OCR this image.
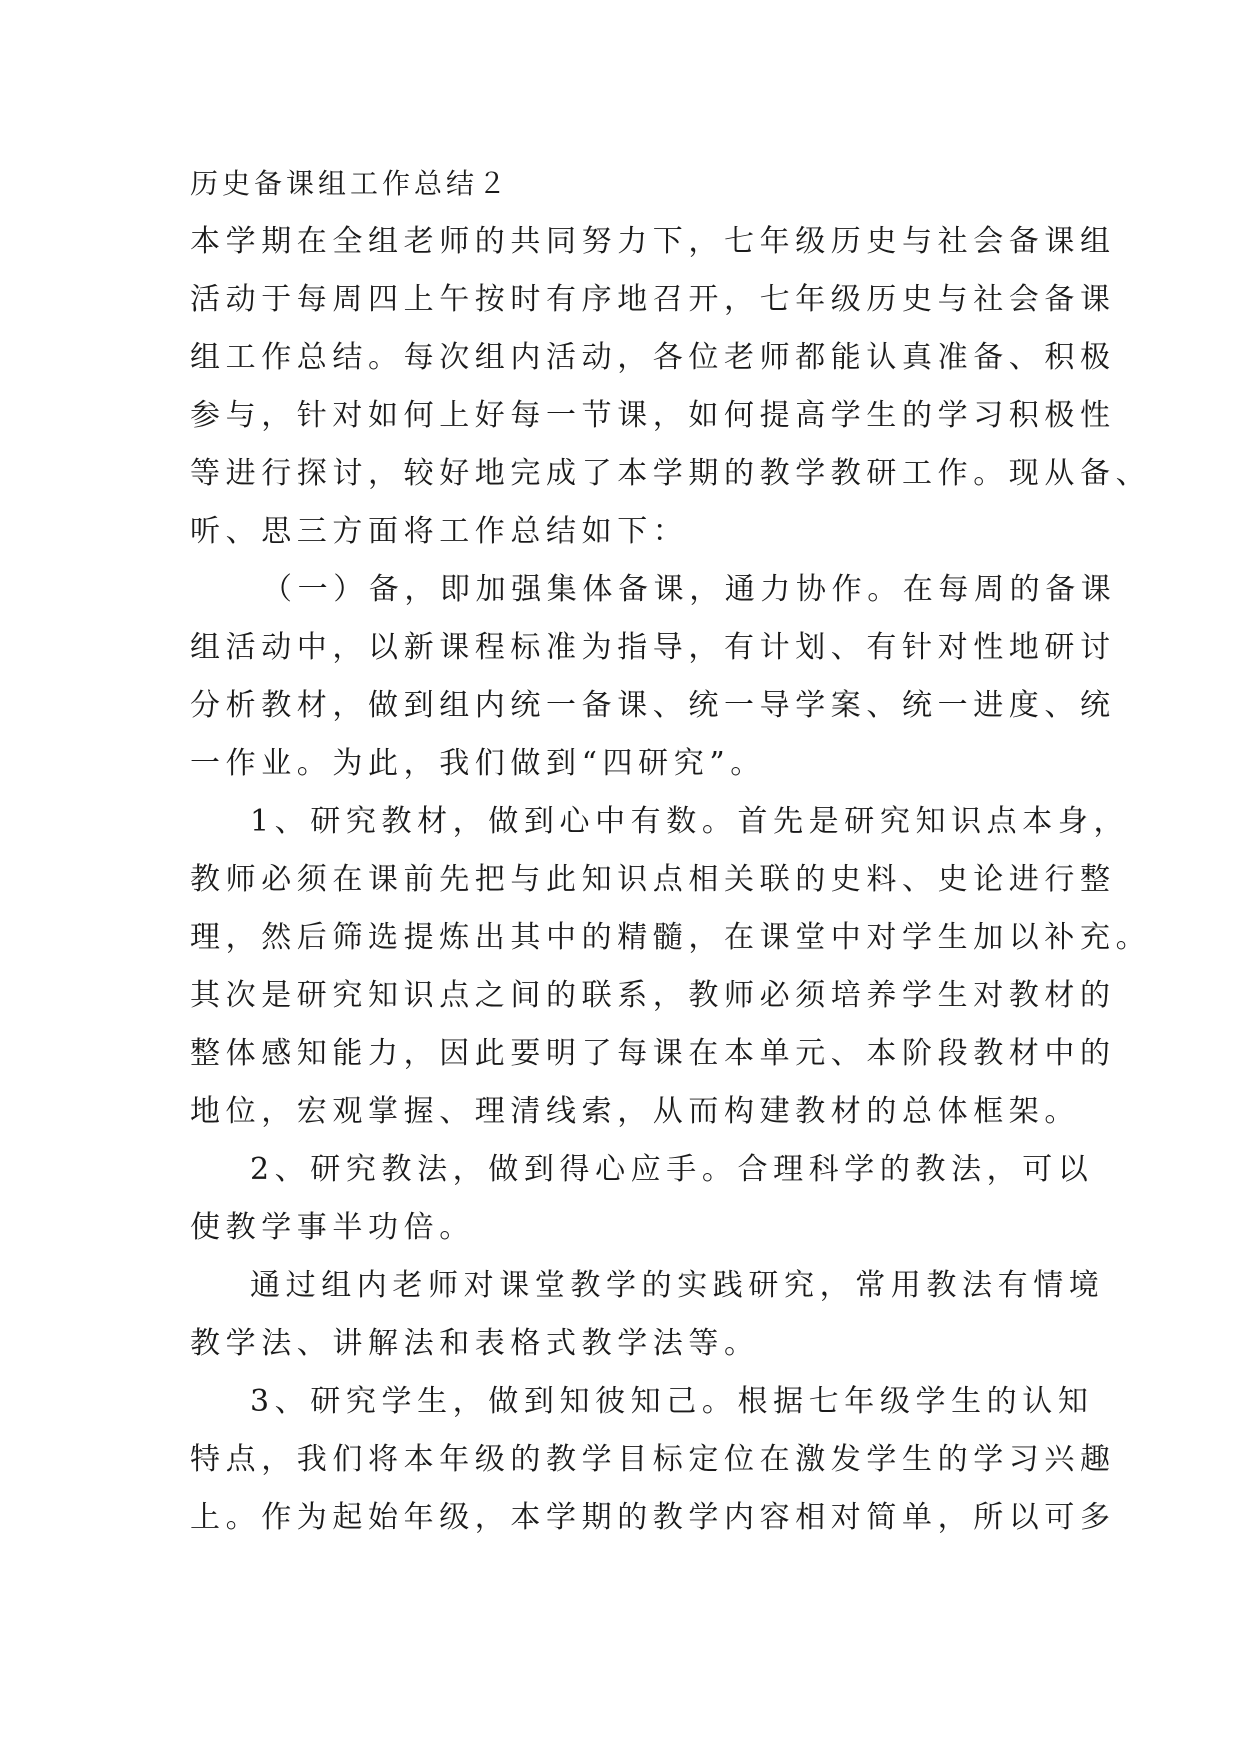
历史备课组工作总结２
本学期在全组老师的共同努力下，七年级历史与社会备课组
活动于每周四上午按时有序地召开，七年级历史与社会备课
组工作总结。每次组内活动，各位老师都能认真准备、积极
参与，针对如何上好每一节课，如何提高学生的学习积极性
等进行探讨，较好地完成了本学期的教学教研工作。现从备、
听、思三方面将工作总结如下：
（一）备，即加强集体备课，通力协作。在每周的备课
组活动中，以新课程标准为指导，有计划、有针对性地研讨
分析教材，做到组内统一备课、统一导学案、统一进度、统
一作业。为此，我们做到“四研究”。
1、研究教材，做到心中有数。首先是研究知识点本身，
教师必须在课前先把与此知识点相关联的史料、史论进行整
理，然后筛选提炼出其中的精髓，在课堂中对学生加以补充。
其次是研究知识点之间的联系，教师必须培养学生对教材的
整体感知能力，因此要明了每课在本单元、本阶段教材中的
地位，宏观掌握、理清线索，从而构建教材的总体框架。
2、研究教法，做到得心应手。合理科学的教法，可以
使教学事半功倍。
通过组内老师对课堂教学的实践研究，常用教法有情境
教学法、讲解法和表格式教学法等。
3、研究学生，做到知彼知己。根据七年级学生的认知
特点，我们将本年级的教学目标定位在激发学生的学习兴趣
上。作为起始年级，本学期的教学内容相对简单，所以可多
